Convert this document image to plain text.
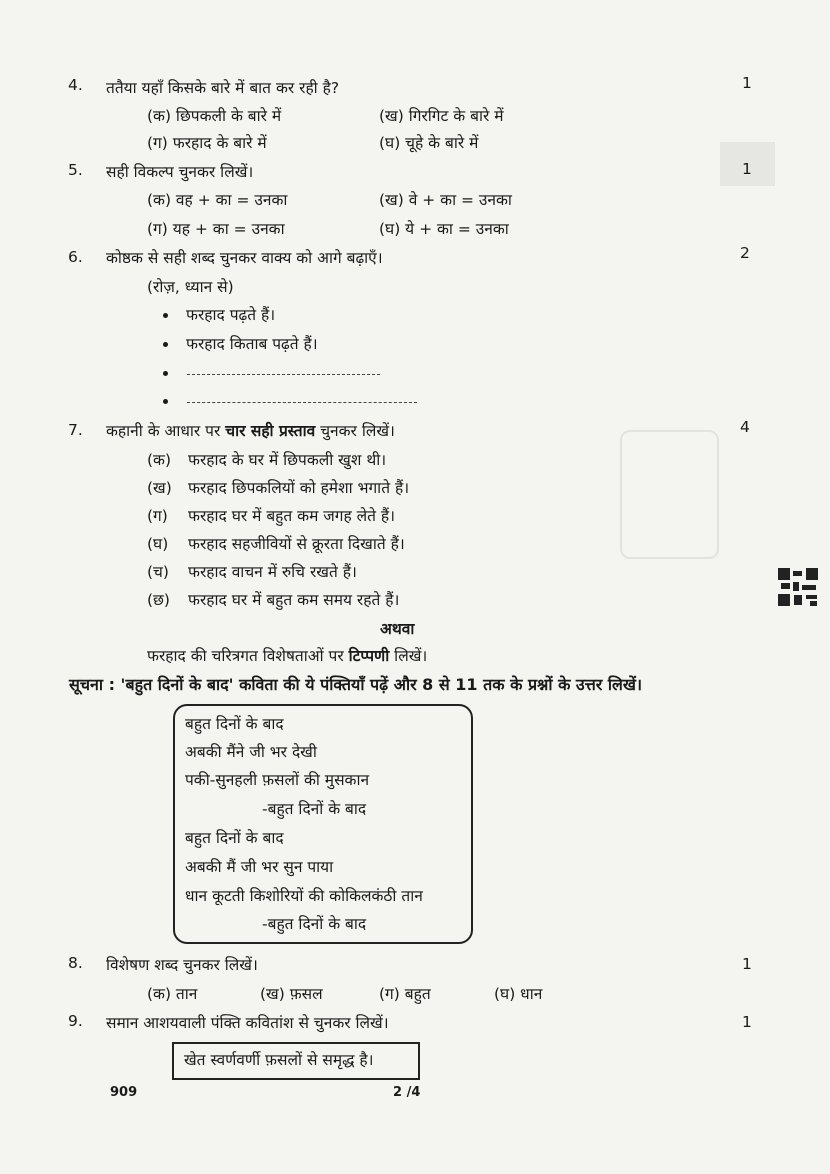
4. ततैया यहाँ किसके बारे में बात कर रही है?	1
(क) छिपकली के बारे में	(ख) गिरगिट के बारे में
(ग) फरहाद के बारे में	(घ) चूहे के बारे में
5. सही विकल्प चुनकर लिखें।	1
(क) वह + का = उनका	(ख) वे + का = उनका
(ग) यह + का = उनका	(घ) ये + का = उनका
6. कोष्ठक से सही शब्द चुनकर वाक्य को आगे बढ़ाएँ।	2
(रोज़, ध्यान से)
फरहाद पढ़ते हैं।
फरहाद किताब पढ़ते हैं।
7. कहानी के आधार पर चार सही प्रस्ताव चुनकर लिखें।	4
(क) फरहाद के घर में छिपकली खुश थी।
(ख) फरहाद छिपकलियों को हमेशा भगाते हैं।
(ग) फरहाद घर में बहुत कम जगह लेते हैं।
(घ) फरहाद सहजीवियों से क्रूरता दिखाते हैं।
(च) फरहाद वाचन में रुचि रखते हैं।
(छ) फरहाद घर में बहुत कम समय रहते हैं।
अथवा
फरहाद की चरित्रगत विशेषताओं पर टिप्पणी लिखें।
सूचना : 'बहुत दिनों के बाद' कविता की ये पंक्तियाँ पढ़ें और 8 से 11 तक के प्रश्नों के उत्तर लिखें।
बहुत दिनों के बाद
अबकी मैंने जी भर देखी
पकी-सुनहली फ़सलों की मुसकान
-बहुत दिनों के बाद
बहुत दिनों के बाद
अबकी मैं जी भर सुन पाया
धान कूटती किशोरियों की कोकिलकंठी तान
-बहुत दिनों के बाद
8. विशेषण शब्द चुनकर लिखें।	1
(क) तान	(ख) फ़सल	(ग) बहुत	(घ) धान
9. समान आशयवाली पंक्ति कवितांश से चुनकर लिखें।	1
खेत स्वर्णवर्णी फ़सलों से समृद्ध है।
909	2 /4
